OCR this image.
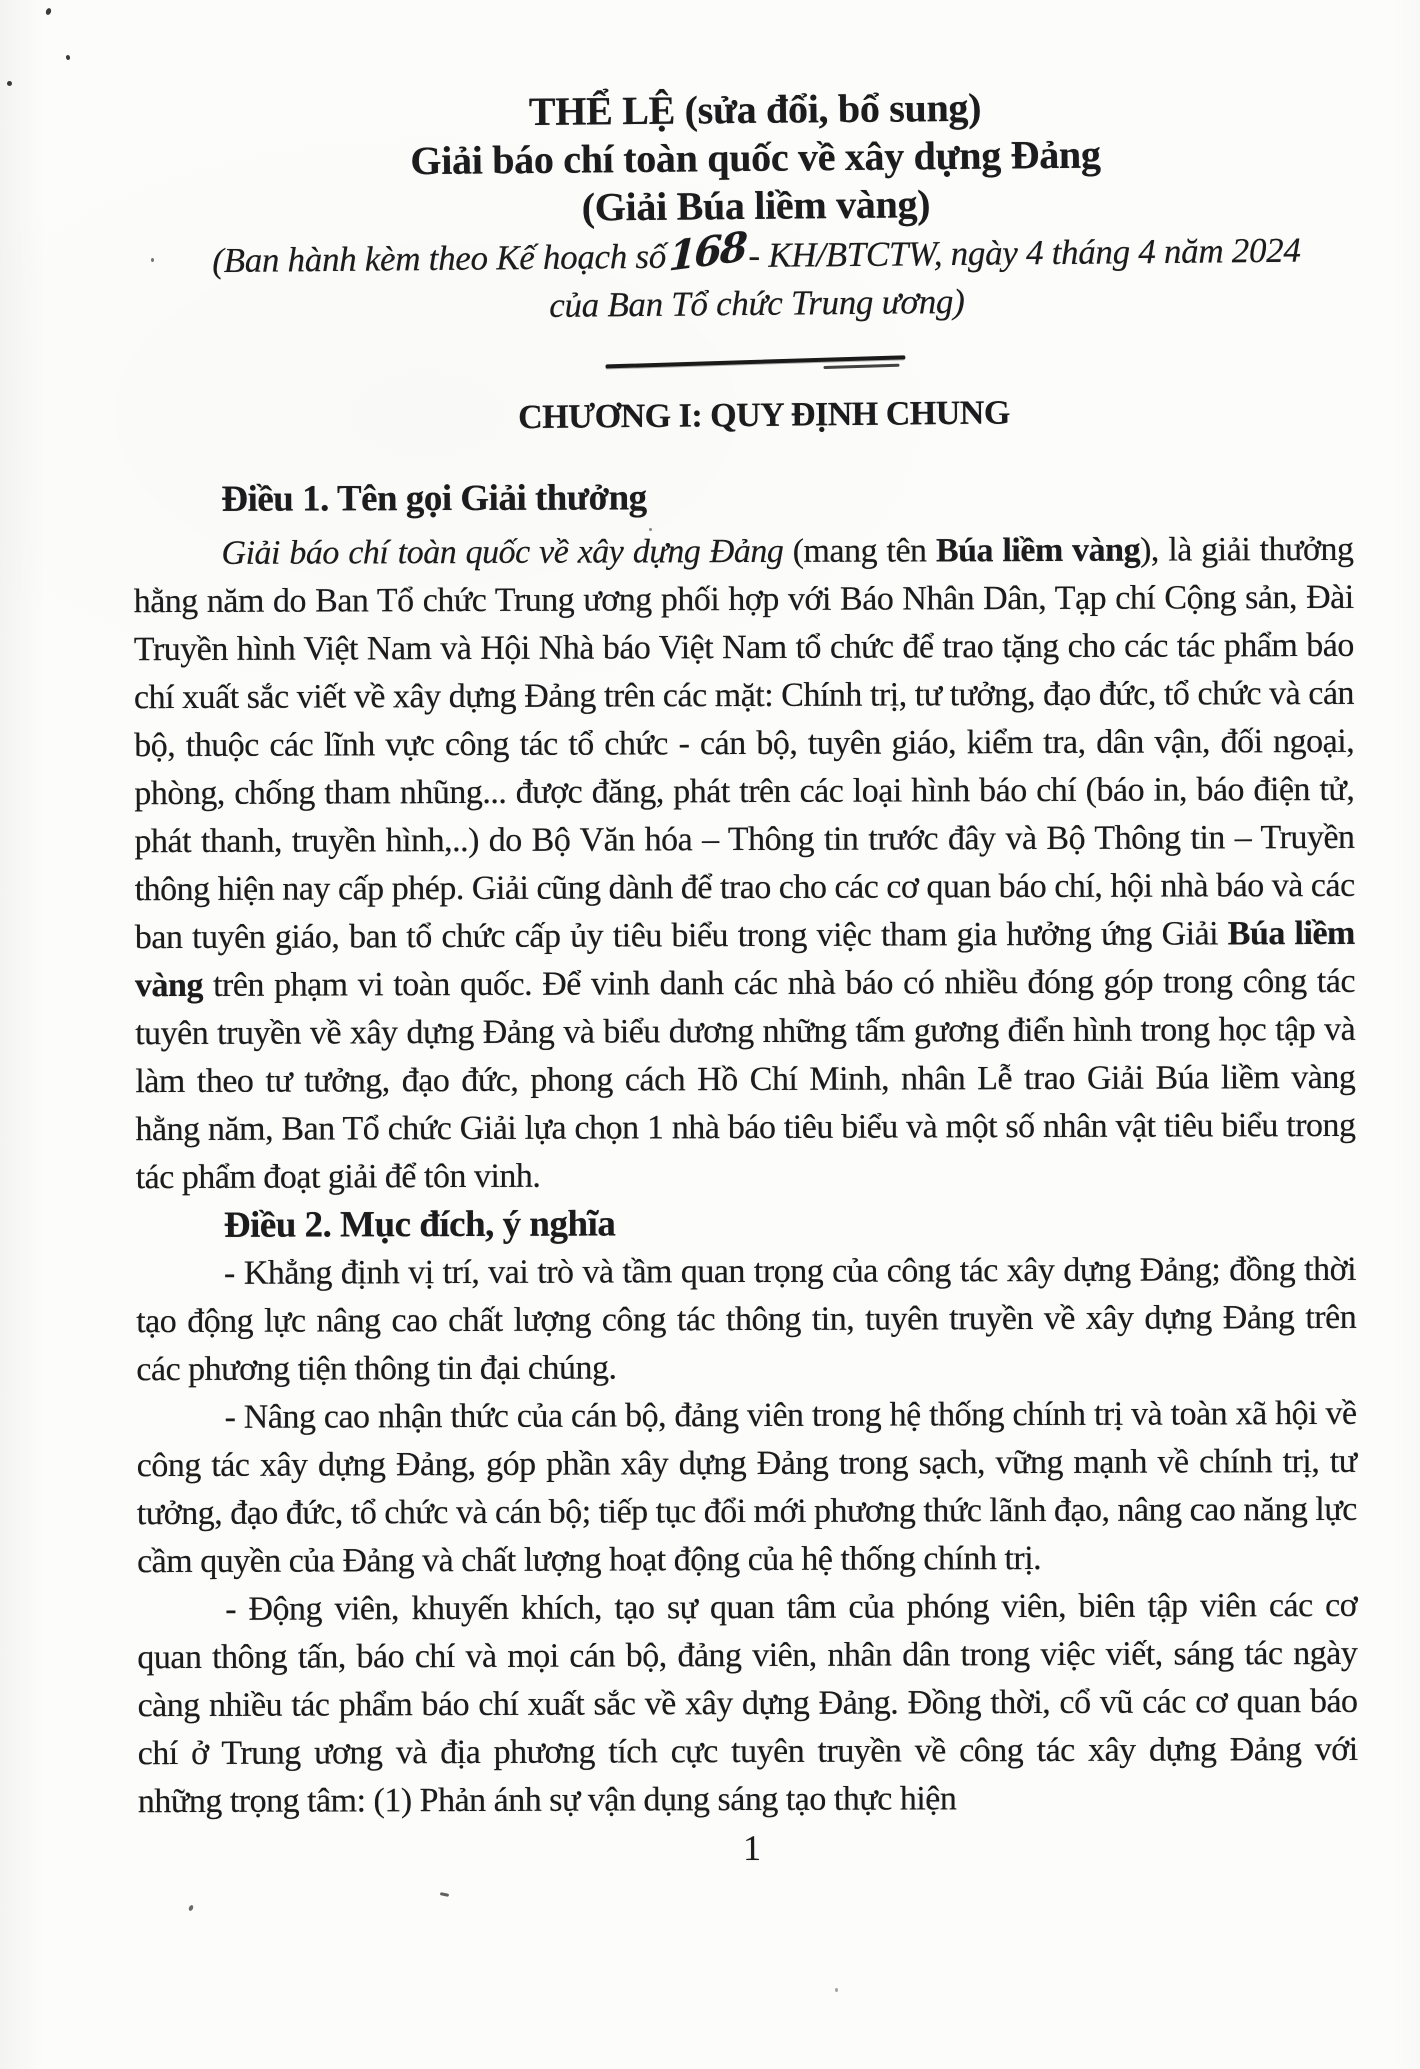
THỂ LỆ (sửa đổi, bổ sung)
Giải báo chí toàn quốc về xây dựng Đảng
(Giải Búa liềm vàng)
(Ban hành kèm theo Kế hoạch số168- KH/BTCTW, ngày 4 tháng 4 năm 2024
của Ban Tổ chức Trung ương)
CHƯƠNG I: QUY ĐỊNH CHUNG

Điều 1. Tên gọi Giải thưởng

Giải báo chí toàn quốc về xây dựng Đảng (mang tên Búa liềm vàng), là giải thưởng hằng năm do Ban Tổ chức Trung ương phối hợp với Báo Nhân Dân, Tạp chí Cộng sản, Đài Truyền hình Việt Nam và Hội Nhà báo Việt Nam tổ chức để trao tặng cho các tác phẩm báo chí xuất sắc viết về xây dựng Đảng trên các mặt: Chính trị, tư tưởng, đạo đức, tổ chức và cán bộ, thuộc các lĩnh vực công tác tổ chức - cán bộ, tuyên giáo, kiểm tra, dân vận, đối ngoại, phòng, chống tham nhũng... được đăng, phát trên các loại hình báo chí (báo in, báo điện tử, phát thanh, truyền hình,..) do Bộ Văn hóa – Thông tin trước đây và Bộ Thông tin – Truyền thông hiện nay cấp phép. Giải cũng dành để trao cho các cơ quan báo chí, hội nhà báo và các ban tuyên giáo, ban tổ chức cấp ủy tiêu biểu trong việc tham gia hưởng ứng Giải Búa liềm vàng trên phạm vi toàn quốc. Để vinh danh các nhà báo có nhiều đóng góp trong công tác tuyên truyền về xây dựng Đảng và biểu dương những tấm gương điển hình trong học tập và làm theo tư tưởng, đạo đức, phong cách Hồ Chí Minh, nhân Lễ trao Giải Búa liềm vàng hằng năm, Ban Tổ chức Giải lựa chọn 1 nhà báo tiêu biểu và một số nhân vật tiêu biểu trong tác phẩm đoạt giải để tôn vinh.

Điều 2. Mục đích, ý nghĩa

- Khẳng định vị trí, vai trò và tầm quan trọng của công tác xây dựng Đảng; đồng thời tạo động lực nâng cao chất lượng công tác thông tin, tuyên truyền về xây dựng Đảng trên các phương tiện thông tin đại chúng.

- Nâng cao nhận thức của cán bộ, đảng viên trong hệ thống chính trị và toàn xã hội về công tác xây dựng Đảng, góp phần xây dựng Đảng trong sạch, vững mạnh về chính trị, tư tưởng, đạo đức, tổ chức và cán bộ; tiếp tục đổi mới phương thức lãnh đạo, nâng cao năng lực cầm quyền của Đảng và chất lượng hoạt động của hệ thống chính trị.

- Động viên, khuyến khích, tạo sự quan tâm của phóng viên, biên tập viên các cơ quan thông tấn, báo chí và mọi cán bộ, đảng viên, nhân dân trong việc viết, sáng tác ngày càng nhiều tác phẩm báo chí xuất sắc về xây dựng Đảng. Đồng thời, cổ vũ các cơ quan báo chí ở Trung ương và địa phương tích cực tuyên truyền về công tác xây dựng Đảng với những trọng tâm: (1) Phản ánh sự vận dụng sáng tạo thực hiện

1
